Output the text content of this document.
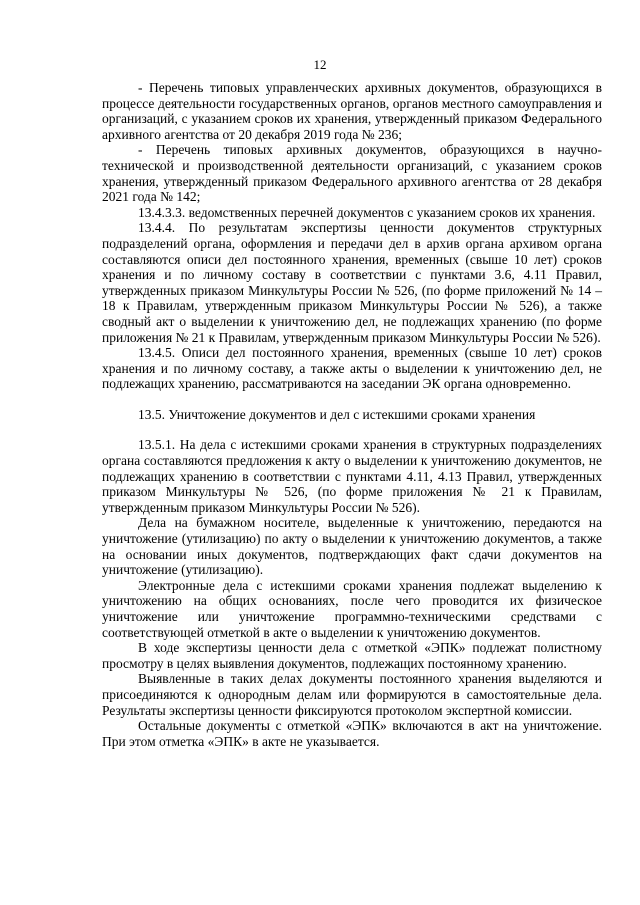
12

- Перечень типовых управленческих архивных документов, образующихся в процессе деятельности государственных органов, органов местного самоуправления и организаций, с указанием сроков их хранения, утвержденный приказом Федерального архивного агентства от 20 декабря 2019 года № 236;

- Перечень типовых архивных документов, образующихся в научно-технической и производственной деятельности организаций, с указанием сроков хранения, утвержденный приказом Федерального архивного агентства от 28 декабря 2021 года № 142;

13.4.3.3. ведомственных перечней документов с указанием сроков их хранения.

13.4.4. По результатам экспертизы ценности документов структурных подразделений органа, оформления и передачи дел в архив органа архивом органа составляются описи дел постоянного хранения, временных (свыше 10 лет) сроков хранения и по личному составу в соответствии с пунктами 3.6, 4.11 Правил, утвержденных приказом Минкультуры России № 526, (по форме приложений № 14 – 18 к Правилам, утвержденным приказом Минкультуры России № 526), а также сводный акт о выделении к уничтожению дел, не подлежащих хранению (по форме приложения № 21 к Правилам, утвержденным приказом Минкультуры России № 526).

13.4.5. Описи дел постоянного хранения, временных (свыше 10 лет) сроков хранения и по личному составу, а также акты о выделении к уничтожению дел, не подлежащих хранению, рассматриваются на заседании ЭК органа одновременно.

13.5. Уничтожение документов и дел с истекшими сроками хранения

13.5.1. На дела с истекшими сроками хранения в структурных подразделениях органа составляются предложения к акту о выделении к уничтожению документов, не подлежащих хранению в соответствии с пунктами 4.11, 4.13 Правил, утвержденных приказом Минкультуры № 526, (по форме приложения № 21 к Правилам, утвержденным приказом Минкультуры России № 526).

Дела на бумажном носителе, выделенные к уничтожению, передаются на уничтожение (утилизацию) по акту о выделении к уничтожению документов, а также на основании иных документов, подтверждающих факт сдачи документов на уничтожение (утилизацию).

Электронные дела с истекшими сроками хранения подлежат выделению к уничтожению на общих основаниях, после чего проводится их физическое уничтожение или уничтожение программно-техническими средствами с соответствующей отметкой в акте о выделении к уничтожению документов.

В ходе экспертизы ценности дела с отметкой «ЭПК» подлежат полистному просмотру в целях выявления документов, подлежащих постоянному хранению.

Выявленные в таких делах документы постоянного хранения выделяются и присоединяются к однородным делам или формируются в самостоятельные дела. Результаты экспертизы ценности фиксируются протоколом экспертной комиссии.

Остальные документы с отметкой «ЭПК» включаются в акт на уничтожение. При этом отметка «ЭПК» в акте не указывается.
